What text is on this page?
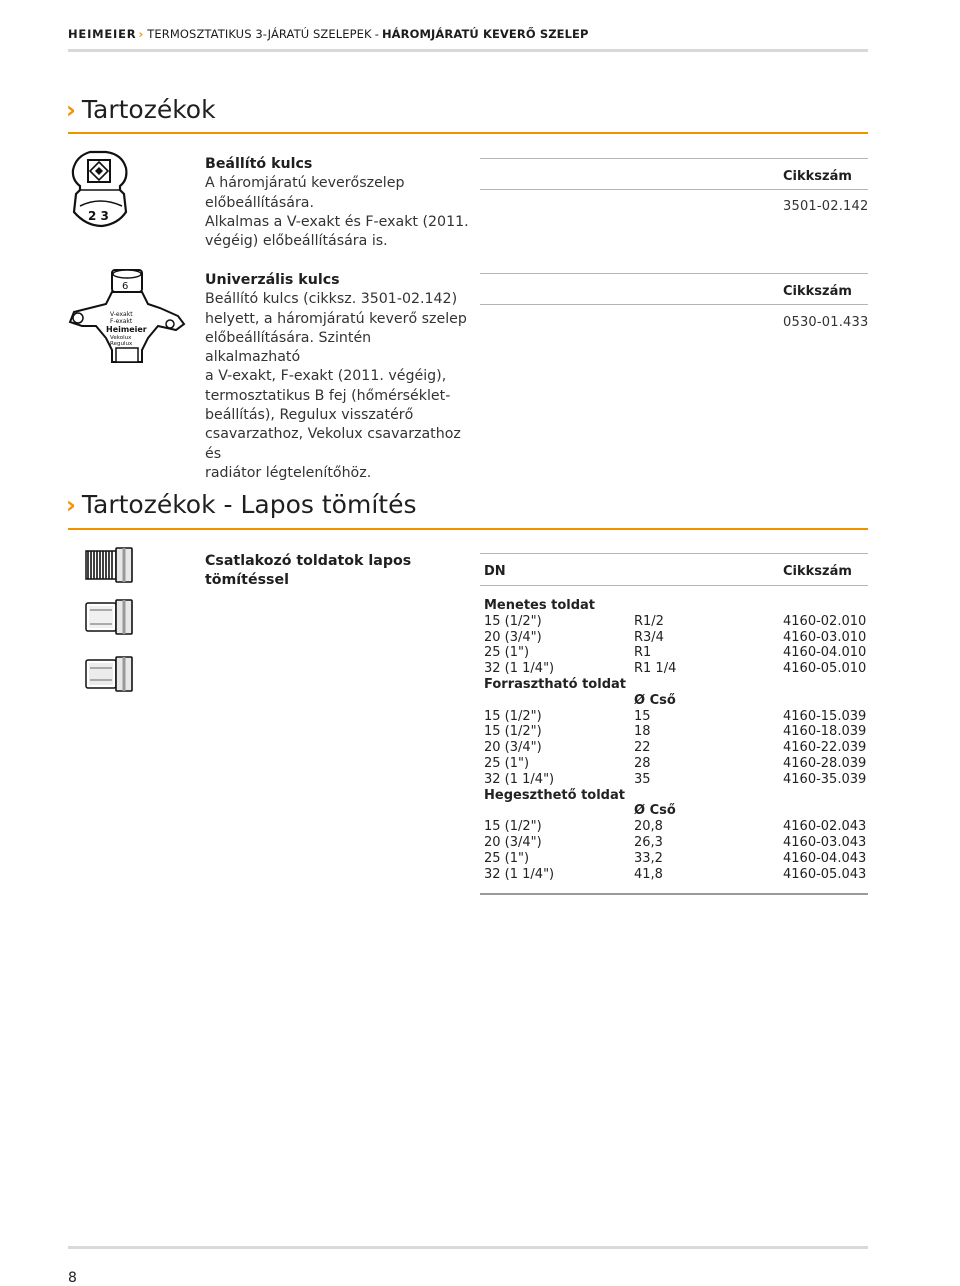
HEIMEIER › TERMOSZTATIKUS 3-JÁRATÚ SZELEPEK - HÁROMJÁRATÚ KEVERŐ SZELEP
› Tartozékok
2 3
6
V-exakt
F-exakt
Heimeier
Vekolux
Regulux
Beállító kulcs
A háromjáratú keverőszelep
előbeállítására.
Alkalmas a V-exakt és F-exakt (2011.
végéig) előbeállítására is.
Cikkszám
3501-02.142
Univerzális kulcs
Beállító kulcs (cikksz. 3501-02.142)
helyett, a háromjáratú keverő szelep
előbeállítására. Szintén alkalmazható
a V-exakt, F-exakt (2011. végéig),
termosztatikus B fej (hőmérséklet-
beállítás), Regulux visszatérő
csavarzathoz, Vekolux csavarzathoz és
radiátor légtelenítőhöz.
Cikkszám
0530-01.433
› Tartozékok - Lapos tömítés
Csatlakozó toldatok lapos tömítéssel
DN	Cikkszám
Menetes toldat
15 (1/2")	R1/2	4160-02.010
20 (3/4")	R3/4	4160-03.010
25 (1")	R1	4160-04.010
32 (1 1/4")	R1 1/4	4160-05.010
Forrasztható toldat
Ø Cső
15 (1/2")	15	4160-15.039
15 (1/2")	18	4160-18.039
20 (3/4")	22	4160-22.039
25 (1")	28	4160-28.039
32 (1 1/4")	35	4160-35.039
Hegeszthető toldat
Ø Cső
15 (1/2")	20,8	4160-02.043
20 (3/4")	26,3	4160-03.043
25 (1")	33,2	4160-04.043
32 (1 1/4")	41,8	4160-05.043
8
